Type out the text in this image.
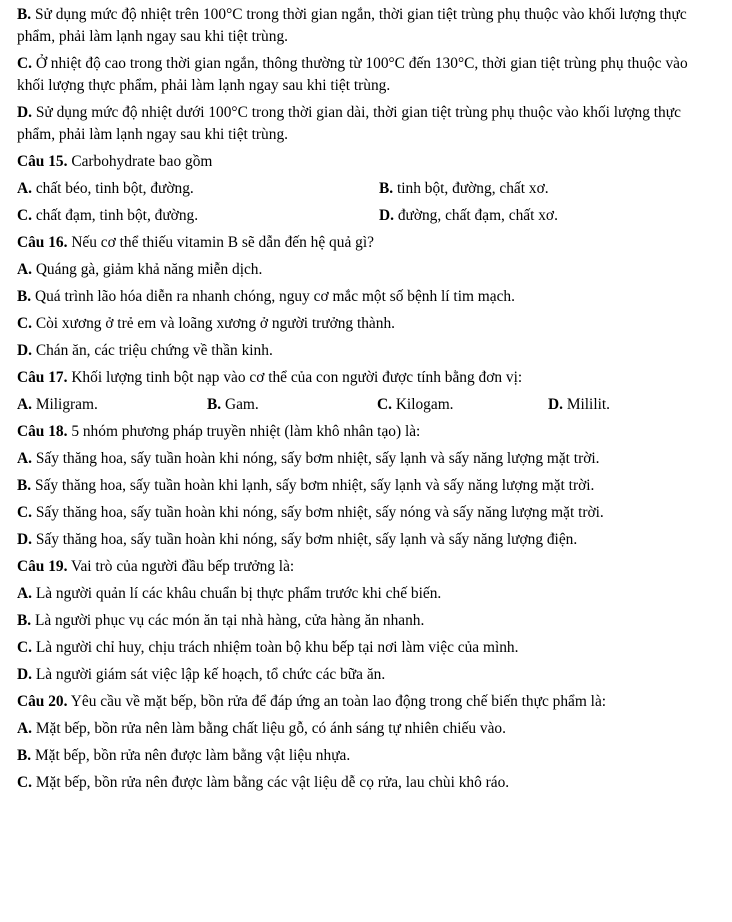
B. Sử dụng mức độ nhiệt trên 100°C trong thời gian ngắn, thời gian tiệt trùng phụ thuộc vào khối lượng thực phẩm, phải làm lạnh ngay sau khi tiệt trùng.

C. Ở nhiệt độ cao trong thời gian ngắn, thông thường từ 100°C đến 130°C, thời gian tiệt trùng phụ thuộc vào khối lượng thực phẩm, phải làm lạnh ngay sau khi tiệt trùng.

D. Sử dụng mức độ nhiệt dưới 100°C trong thời gian dài, thời gian tiệt trùng phụ thuộc vào khối lượng thực phẩm, phải làm lạnh ngay sau khi tiệt trùng.

Câu 15. Carbohydrate bao gồm

A. chất béo, tinh bột, đường.	B. tinh bột, đường, chất xơ.
C. chất đạm, tinh bột, đường.	D. đường, chất đạm, chất xơ.

Câu 16. Nếu cơ thể thiếu vitamin B sẽ dẫn đến hệ quả gì?

A. Quáng gà, giảm khả năng miễn dịch.

B. Quá trình lão hóa diễn ra nhanh chóng, nguy cơ mắc một số bệnh lí tim mạch.

C. Còi xương ở trẻ em và loãng xương ở người trưởng thành.

D. Chán ăn, các triệu chứng về thần kinh.

Câu 17. Khối lượng tinh bột nạp vào cơ thể của con người được tính bằng đơn vị:

A. Miligram.	B. Gam.	C. Kilogam.	D. Mililit.

Câu 18. 5 nhóm phương pháp truyền nhiệt (làm khô nhân tạo) là:

A. Sấy thăng hoa, sấy tuần hoàn khi nóng, sấy bơm nhiệt, sấy lạnh và sấy năng lượng mặt trời.

B. Sấy thăng hoa, sấy tuần hoàn khi lạnh, sấy bơm nhiệt, sấy lạnh và sấy năng lượng mặt trời.

C. Sấy thăng hoa, sấy tuần hoàn khi nóng, sấy bơm nhiệt, sấy nóng và sấy năng lượng mặt trời.

D. Sấy thăng hoa, sấy tuần hoàn khi nóng, sấy bơm nhiệt, sấy lạnh và sấy năng lượng điện.

Câu 19. Vai trò của người đầu bếp trưởng là:

A. Là người quản lí các khâu chuẩn bị thực phẩm trước khi chế biến.

B. Là người phục vụ các món ăn tại nhà hàng, cửa hàng ăn nhanh.

C. Là người chỉ huy, chịu trách nhiệm toàn bộ khu bếp tại nơi làm việc của mình.

D. Là người giám sát việc lập kế hoạch, tổ chức các bữa ăn.

Câu 20. Yêu cầu về mặt bếp, bồn rửa để đáp ứng an toàn lao động trong chế biến thực phẩm là:

A. Mặt bếp, bồn rửa nên làm bằng chất liệu gỗ, có ánh sáng tự nhiên chiếu vào.

B. Mặt bếp, bồn rửa nên được làm bằng vật liệu nhựa.

C. Mặt bếp, bồn rửa nên được làm bằng các vật liệu dễ cọ rửa, lau chùi khô ráo.
